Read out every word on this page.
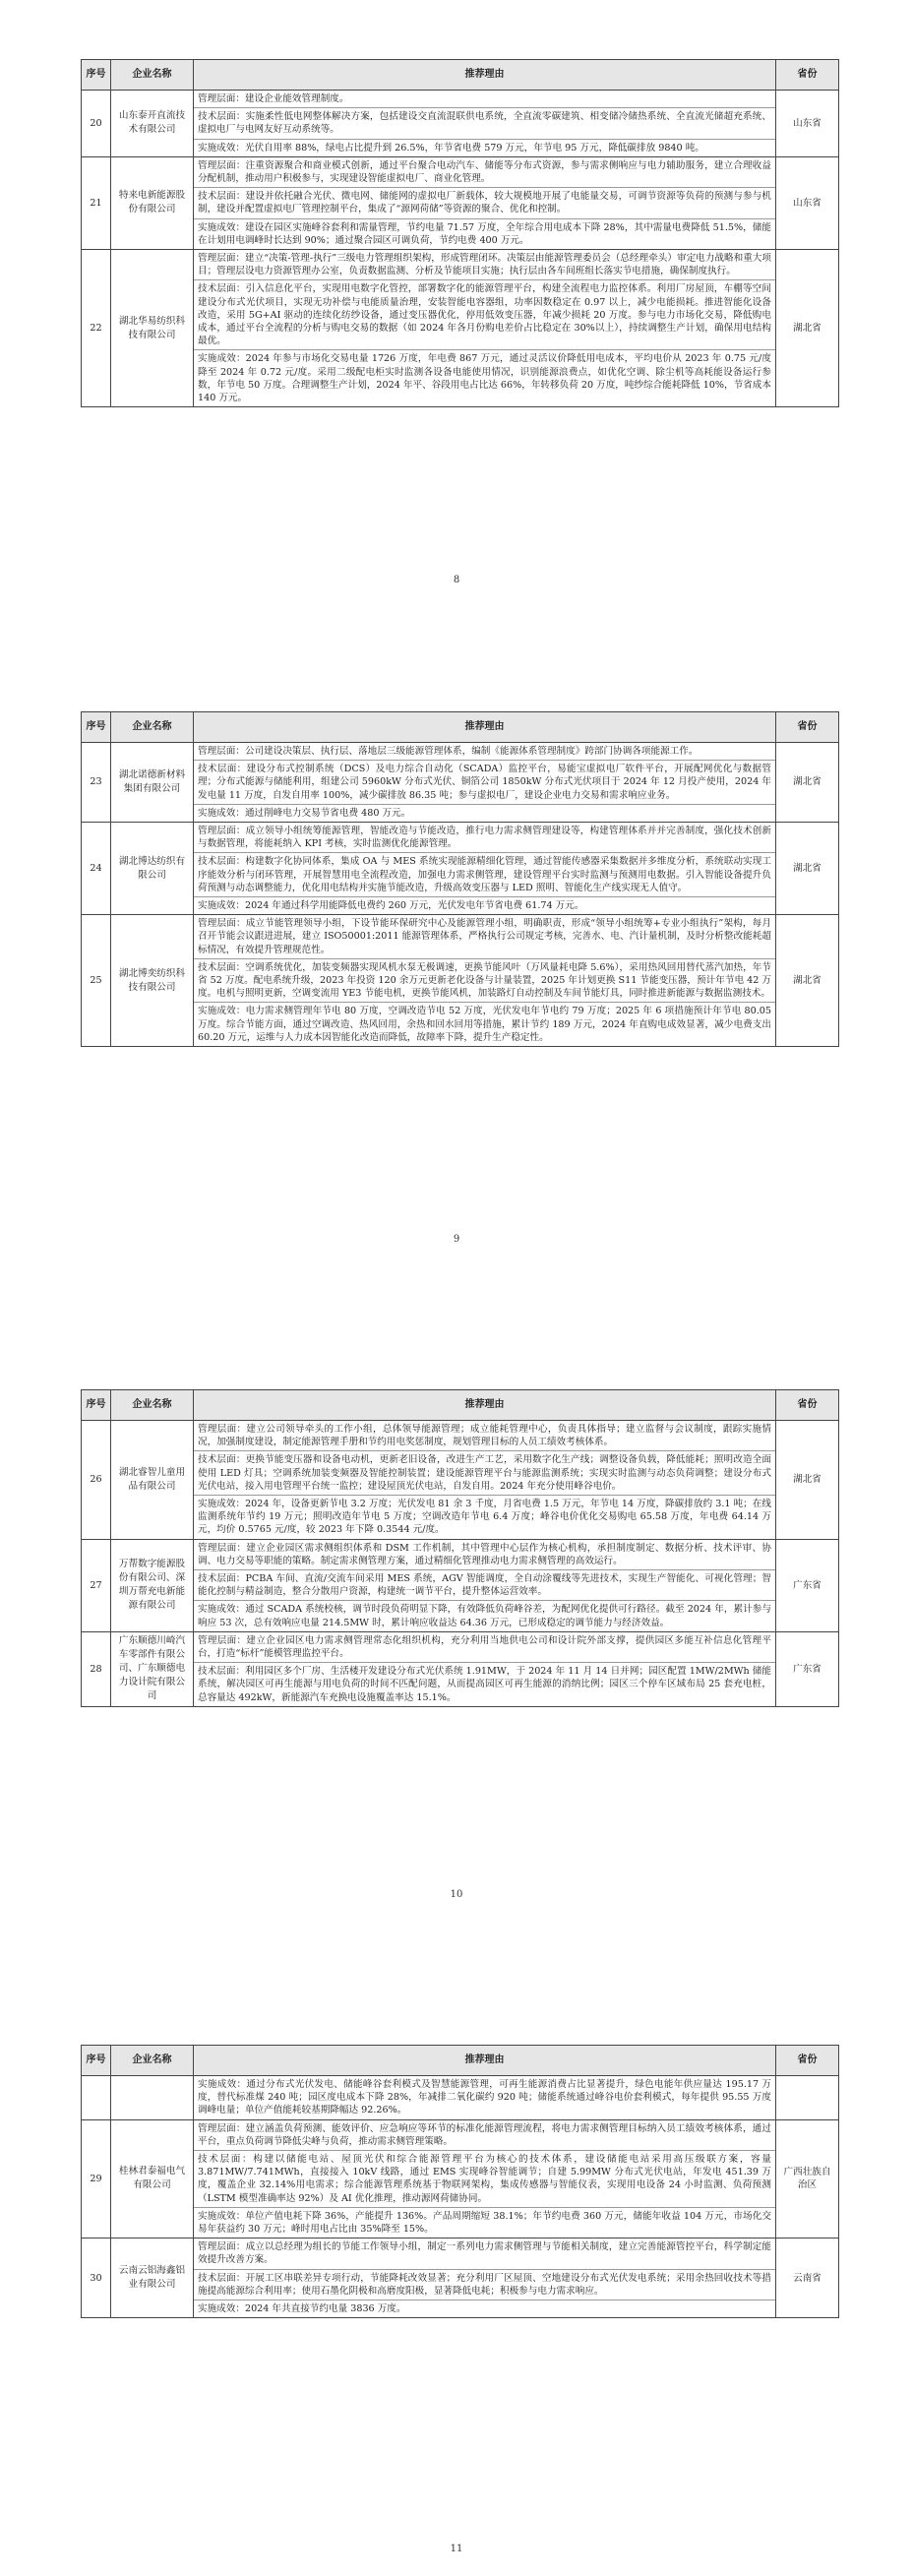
序号	企业名称	推荐理由	省份
20	山东泰开直流技术有限公司	管理层面：建设企业能效管理制度。
技术层面：实施柔性低电网整体解决方案，包括建设交直流混联供电系统，全直流零碳建筑、相变储冷储热系统、全直流光储超充系统、虚拟电厂与电网友好互动系统等。
实施成效：光伏自用率 88%，绿电占比提升到 26.5%，年节省电费 579 万元，年节电 95 万元，降低碳排放 9840 吨。	山东省
21	特来电新能源股份有限公司	管理层面：注重资源聚合和商业模式创新，通过平台聚合电动汽车、储能等分布式资源，参与需求侧响应与电力辅助服务，建立合理收益分配机制，推动用户积极参与，实现建设智能虚拟电厂、商业化管理。
技术层面：建设并依托融合光伏、微电网、储能网的虚拟电厂新载体，较大规模地开展了电能量交易，可调节资源等负荷的预测与参与机制，建设并配置虚拟电厂管理控制平台，集成了“源网荷储”等资源的聚合、优化和控制。
实施成效：建设在园区实施峰谷套利和需量管理，节约电量 71.57 万度，全年综合用电成本下降 28%，其中需量电费降低 51.5%，储能在计划用电调峰时长达到 90%；通过聚合园区可调负荷，节约电费 400 万元。	山东省
22	湖北华易纺织科技有限公司	管理层面：建立“决策-管理-执行”三级电力管理组织架构，形成管理闭环。决策层由能源管理委员会（总经理牵头）审定电力战略和重大项目；管理层设电力资源管理办公室，负责数据监测、分析及节能项目实施；执行层由各车间班组长落实节电措施，确保制度执行。
技术层面：引入信息化平台，实现用电数字化管控，部署数字化的能源管理平台，构建全流程电力监控体系。利用厂房屋顶，车棚等空间建设分布式光伏项目，实现无功补偿与电能质量治理，安装智能电容器组，功率因数稳定在 0.97 以上，减少电能损耗。推进智能化设备改造，采用 5G+AI 驱动的连续化纺纱设备，通过变压器优化，停用低效变压器，年减少损耗 20 万度。参与电力市场化交易，降低购电成本，通过平台全流程的分析与购电交易的数据（如 2024 年各月份购电差价占比稳定在 30%以上），持续调整生产计划，确保用电结构最优。
实施成效：2024 年参与市场化交易电量 1726 万度，年电费 867 万元，通过灵活议价降低用电成本，平均电价从 2023 年 0.75 元/度降至 2024 年 0.72 元/度。采用二级配电柜实时监测各设备电能使用情况，识别能源浪费点，如优化空调、除尘机等高耗能设备运行参数，年节电 50 万度。合理调整生产计划，2024 年平、谷段用电占比达 66%，年转移负荷 20 万度，吨纱综合能耗降低 10%，节省成本 140 万元。	湖北省
8
序号	企业名称	推荐理由	省份
23	湖北诺德新材料集团有限公司	管理层面：公司建设决策层、执行层、落地层三级能源管理体系，编制《能源体系管理制度》跨部门协调各项能源工作。
技术层面：建设分布式控制系统（DCS）及电力综合自动化（SCADA）监控平台，易能宝虚拟电厂软件平台，开展配网优化与数据管理；分布式能源与储能利用，组建公司 5960kW 分布式光伏、铜箔公司 1850kW 分布式光伏项目于 2024 年 12 月投产使用，2024 年发电量 11 万度，自发自用率 100%，减少碳排放 86.35 吨；参与虚拟电厂，建设企业电力交易和需求响应业务。
实施成效：通过削峰电力交易节省电费 480 万元。	湖北省
24	湖北博达纺织有限公司	管理层面：成立领导小组统筹能源管理，智能改造与节能改造，推行电力需求侧管理建设等，构建管理体系并并完善制度，强化技术创新与数据管理，将能耗纳入 KPI 考核，实时监测优化能源管理。
技术层面：构建数字化协同体系，集成 OA 与 MES 系统实现能源精细化管理，通过智能传感器采集数据并多维度分析，系统联动实现工序能效分析与闭环管理，开展智慧用电全流程改造，加强电力需求侧管理，建设管理平台实时监测与预测用电数据。引入智能设备提升负荷预测与动态调整能力，优化用电结构并实施节能改造，升级高效变压器与 LED 照明、智能化生产线实现无人值守。
实施成效：2024 年通过科学用能降低电费约 260 万元，光伏发电年节省电费 61.74 万元。	湖北省
25	湖北博奕纺织科技有限公司	管理层面：成立节能管理领导小组，下设节能环保研究中心及能源管理小组，明确职责，形成“领导小组统筹+专业小组执行”架构，每月召开节能会议跟进进展，建立 ISO50001:2011 能源管理体系，严格执行公司规定考核，完善水、电、汽计量机制，及时分析整改能耗超标情况，有效提升管理规范性。
技术层面：空调系统优化，加装变频器实现风机水泵无极调速，更换节能风叶（万风量耗电降 5.6%），采用热风回用替代蒸汽加热，年节省 52 万度。配电系统升级，2023 年投资 120 余万元更新老化设备与计量装置，2025 年计划更换 S11 节能变压器，预计年节电 42 万度。电机与照明更新，空调变流用 YE3 节能电机，更换节能风机，加装路灯自动控制及车间节能灯具，同时推进新能源与数据监测技术。
实施成效：电力需求侧管理年节电 80 万度，空调改造节电 52 万度，光伏发电年节电约 79 万度；2025 年 6 项措施预计年节电 80.05 万度。综合节能方面，通过空调改造、热风回用，余热和回水回用等措施，累计节约 189 万元，2024 年直购电成效显著，减少电费支出 60.20 万元，运维与人力成本因智能化改造而降低，故障率下降，提升生产稳定性。	湖北省
9
序号	企业名称	推荐理由	省份
26	湖北睿智儿童用品有限公司	管理层面：建立公司领导牵头的工作小组，总体领导能源管理；成立能耗管理中心，负责具体指导；建立监督与会议制度，跟踪实施情况，加强制度建设，制定能源管理手册和节约用电奖惩制度，规划管理目标的人员工绩效考核体系。
技术层面：更换节能变压器和设备电动机，更新老旧设备，改进生产工艺，采用数字化生产线；调整设备负载，降低能耗；照明改造全面使用 LED 灯具；空调系统加装变频器及智能控制装置；建设能源管理平台与能源监测系统；实现实时监测与动态负荷调整；建设分布式光伏电站，接入用电管理平台统一监控；建设屋顶光伏电站，自发自用。2024 年充分使用峰谷电价。
实施成效：2024 年，设备更新节电 3.2 万度；光伏发电 81 余 3 千度，月省电费 1.5 万元，年节电 14 万度，降碳排放约 3.1 吨；在线监测系统年节约 19 万元；照明改造年节电 5 万度；空调改造年节电 6.4 万度；峰谷电价优化交易购电 65.58 万度，年电费 64.14 万元，均价 0.5765 元/度，较 2023 年下降 0.3544 元/度。	湖北省
27	万帮数字能源股份有限公司、深圳万帮充电新能源有限公司	管理层面：建立企业园区需求侧组织体系和 DSM 工作机制，其中管理中心层作为核心机构，承担制度制定、数据分析、技术评审、协调、电力交易等职能的策略。制定需求侧管理方案，通过精细化管理推动电力需求侧管理的高效运行。
技术层面：PCBA 车间、直流/交流车间采用 MES 系统，AGV 智能调度，全自动涂覆线等先进技术，实现生产智能化、可视化管理；智能化控制与精益制造，整合分散用户资源，构建统一调节平台，提升整体运营效率。
实施成效：通过 SCADA 系统校核，调节时段负荷明显下降，有效降低负荷峰谷差，为配网优化提供可行路径。截至 2024 年，累计参与响应 53 次，总有效响应电量 214.5MW 时，累计响应收益达 64.36 万元，已形成稳定的调节能力与经济效益。	广东省
28	广东顺德川崎汽车零部件有限公司、广东顺德电力设计院有限公司	管理层面：建立企业园区电力需求侧管理常态化组织机构，充分利用当地供电公司和设计院外部支撑，提供园区多能互补信息化管理平台，打造“标杆”能模管理监控平台。
技术层面：利用园区多个厂房、生活楼开发建设分布式光伏系统 1.91MW，于 2024 年 11 月 14 日并网；园区配置 1MW/2MWh 储能系统，解决园区可再生能源与用电负荷的时间不匹配问题，从而提高园区可再生能源的消纳比例；园区三个停车区域布局 25 套充电桩，总容量达 492kW，新能源汽车充换电设施覆盖率达 15.1%。	广东省
10
序号	企业名称	推荐理由	省份

		实施成效：通过分布式光伏发电、储能峰谷套利模式及智慧能源管理，可再生能源消费占比显著提升，绿色电能年供应量达 195.17 万度，替代标准煤 240 吨；园区度电成本下降 28%，年减排二氧化碳约 920 吨；储能系统通过峰谷电价套利模式，每年提供 95.55 万度调峰电量；单位产值能耗较基期降幅达 92.26%。	

29	桂林君泰福电气有限公司	管理层面：建立涵盖负荷预测、能效评价、应急响应等环节的标准化能源管理流程，将电力需求侧管理目标纳入员工绩效考核体系，通过平台，重点负荷调节降低尖峰与负荷，推动需求侧管理策略。
技术层面：构建以储能电站、屋顶光伏和综合能源管理平台为核心的技术体系，建设储能电站采用高压级联方案，容量 3.871MW/7.741MWh，直接接入 10kV 线路，通过 EMS 实现峰谷智能调节；自建 5.99MW 分布式光伏电站，年发电 451.39 万度，覆盖企业 32.14%用电需求；综合能源管理系统基于物联网架构，集成传感器与智能仪表，实现用电设备 24 小时监测、负荷预测（LSTM 模型准确率达 92%）及 AI 优化推理，推动源网荷储协同。
实施成效：单位产值电耗下降 36%，产能提升 136%。产品周期缩短 38.1%；年节约电费 360 万元，储能年收益 104 万元，市场化交易年获益约 30 万元；峰时用电占比由 35%降至 15%。	广西壮族自治区
30	云南云铝海鑫铝业有限公司	管理层面：成立以总经理为组长的节能工作领导小组，制定一系列电力需求侧管理与节能相关制度，建立完善能源管控平台，科学制定能效提升改善方案。
技术层面：开展工区串联差异专项行动，节能降耗改效显著；充分利用厂区屋顶、空地建设分布式光伏发电系统；采用余热回收技术等措施提高能源综合利用率；使用石墨化阴极和高磨度阳极，显著降低电耗；积极参与电力需求响应。
实施成效：2024 年共直接节约电量 3836 万度。	云南省
11
